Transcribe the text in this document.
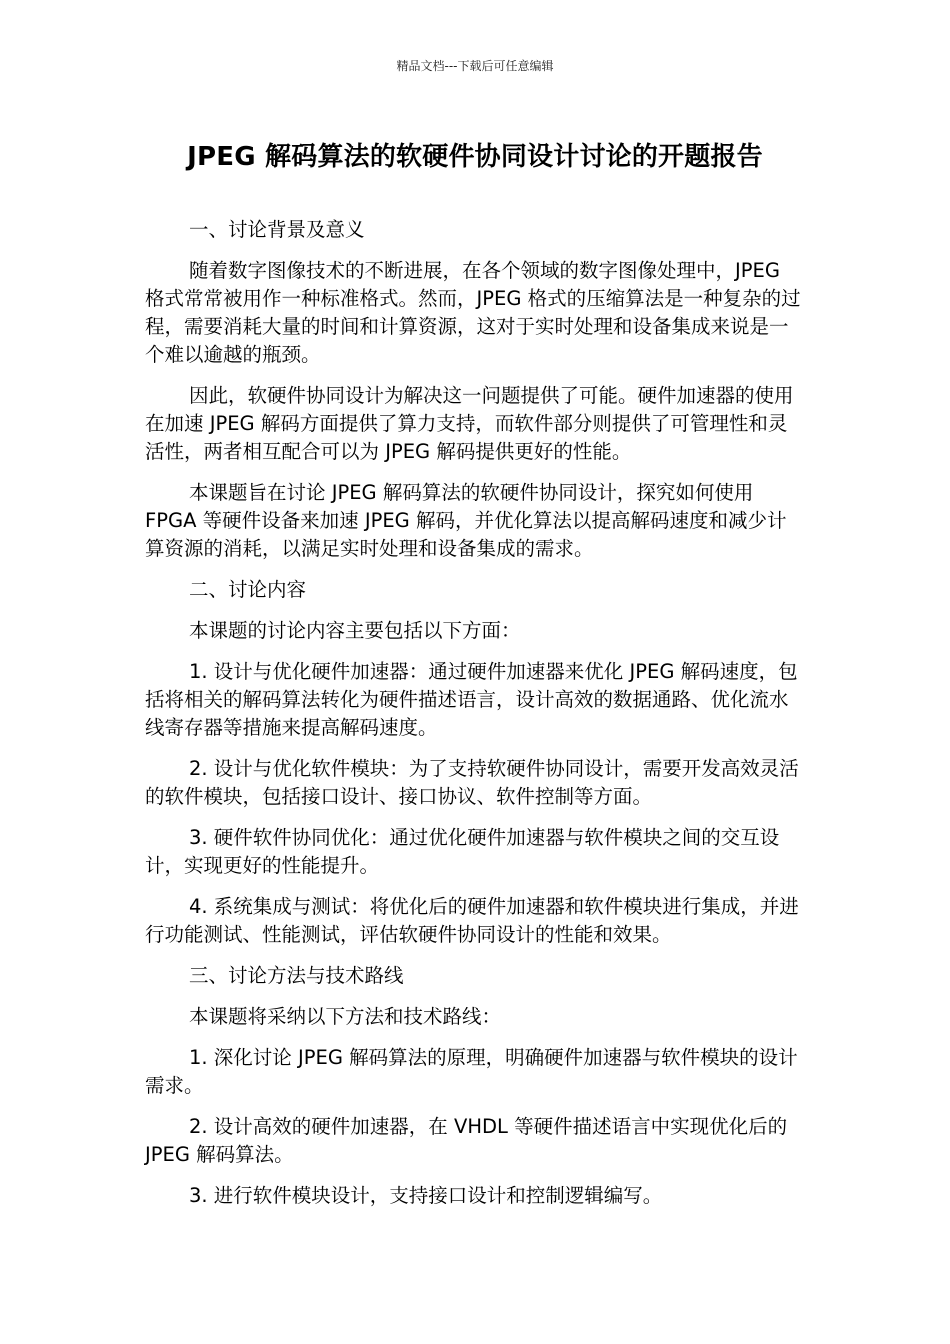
精品文档---下载后可任意编辑
JPEG 解码算法的软硬件协同设计讨论的开题报告

一、讨论背景及意义

随着数字图像技术的不断进展，在各个领域的数字图像处理中，JPEG 格式常常被用作一种标准格式。然而，JPEG 格式的压缩算法是一种复杂的过程，需要消耗大量的时间和计算资源，这对于实时处理和设备集成来说是一个难以逾越的瓶颈。

因此，软硬件协同设计为解决这一问题提供了可能。硬件加速器的使用在加速 JPEG 解码方面提供了算力支持，而软件部分则提供了可管理性和灵活性，两者相互配合可以为 JPEG 解码提供更好的性能。

本课题旨在讨论 JPEG 解码算法的软硬件协同设计，探究如何使用 FPGA 等硬件设备来加速 JPEG 解码，并优化算法以提高解码速度和减少计算资源的消耗，以满足实时处理和设备集成的需求。

二、讨论内容

本课题的讨论内容主要包括以下方面：

1. 设计与优化硬件加速器：通过硬件加速器来优化 JPEG 解码速度，包括将相关的解码算法转化为硬件描述语言，设计高效的数据通路、优化流水线寄存器等措施来提高解码速度。

2. 设计与优化软件模块：为了支持软硬件协同设计，需要开发高效灵活的软件模块，包括接口设计、接口协议、软件控制等方面。

3. 硬件软件协同优化：通过优化硬件加速器与软件模块之间的交互设计，实现更好的性能提升。

4. 系统集成与测试：将优化后的硬件加速器和软件模块进行集成，并进行功能测试、性能测试，评估软硬件协同设计的性能和效果。

三、讨论方法与技术路线

本课题将采纳以下方法和技术路线：

1. 深化讨论 JPEG 解码算法的原理，明确硬件加速器与软件模块的设计需求。

2. 设计高效的硬件加速器，在 VHDL 等硬件描述语言中实现优化后的 JPEG 解码算法。

3. 进行软件模块设计，支持接口设计和控制逻辑编写。
